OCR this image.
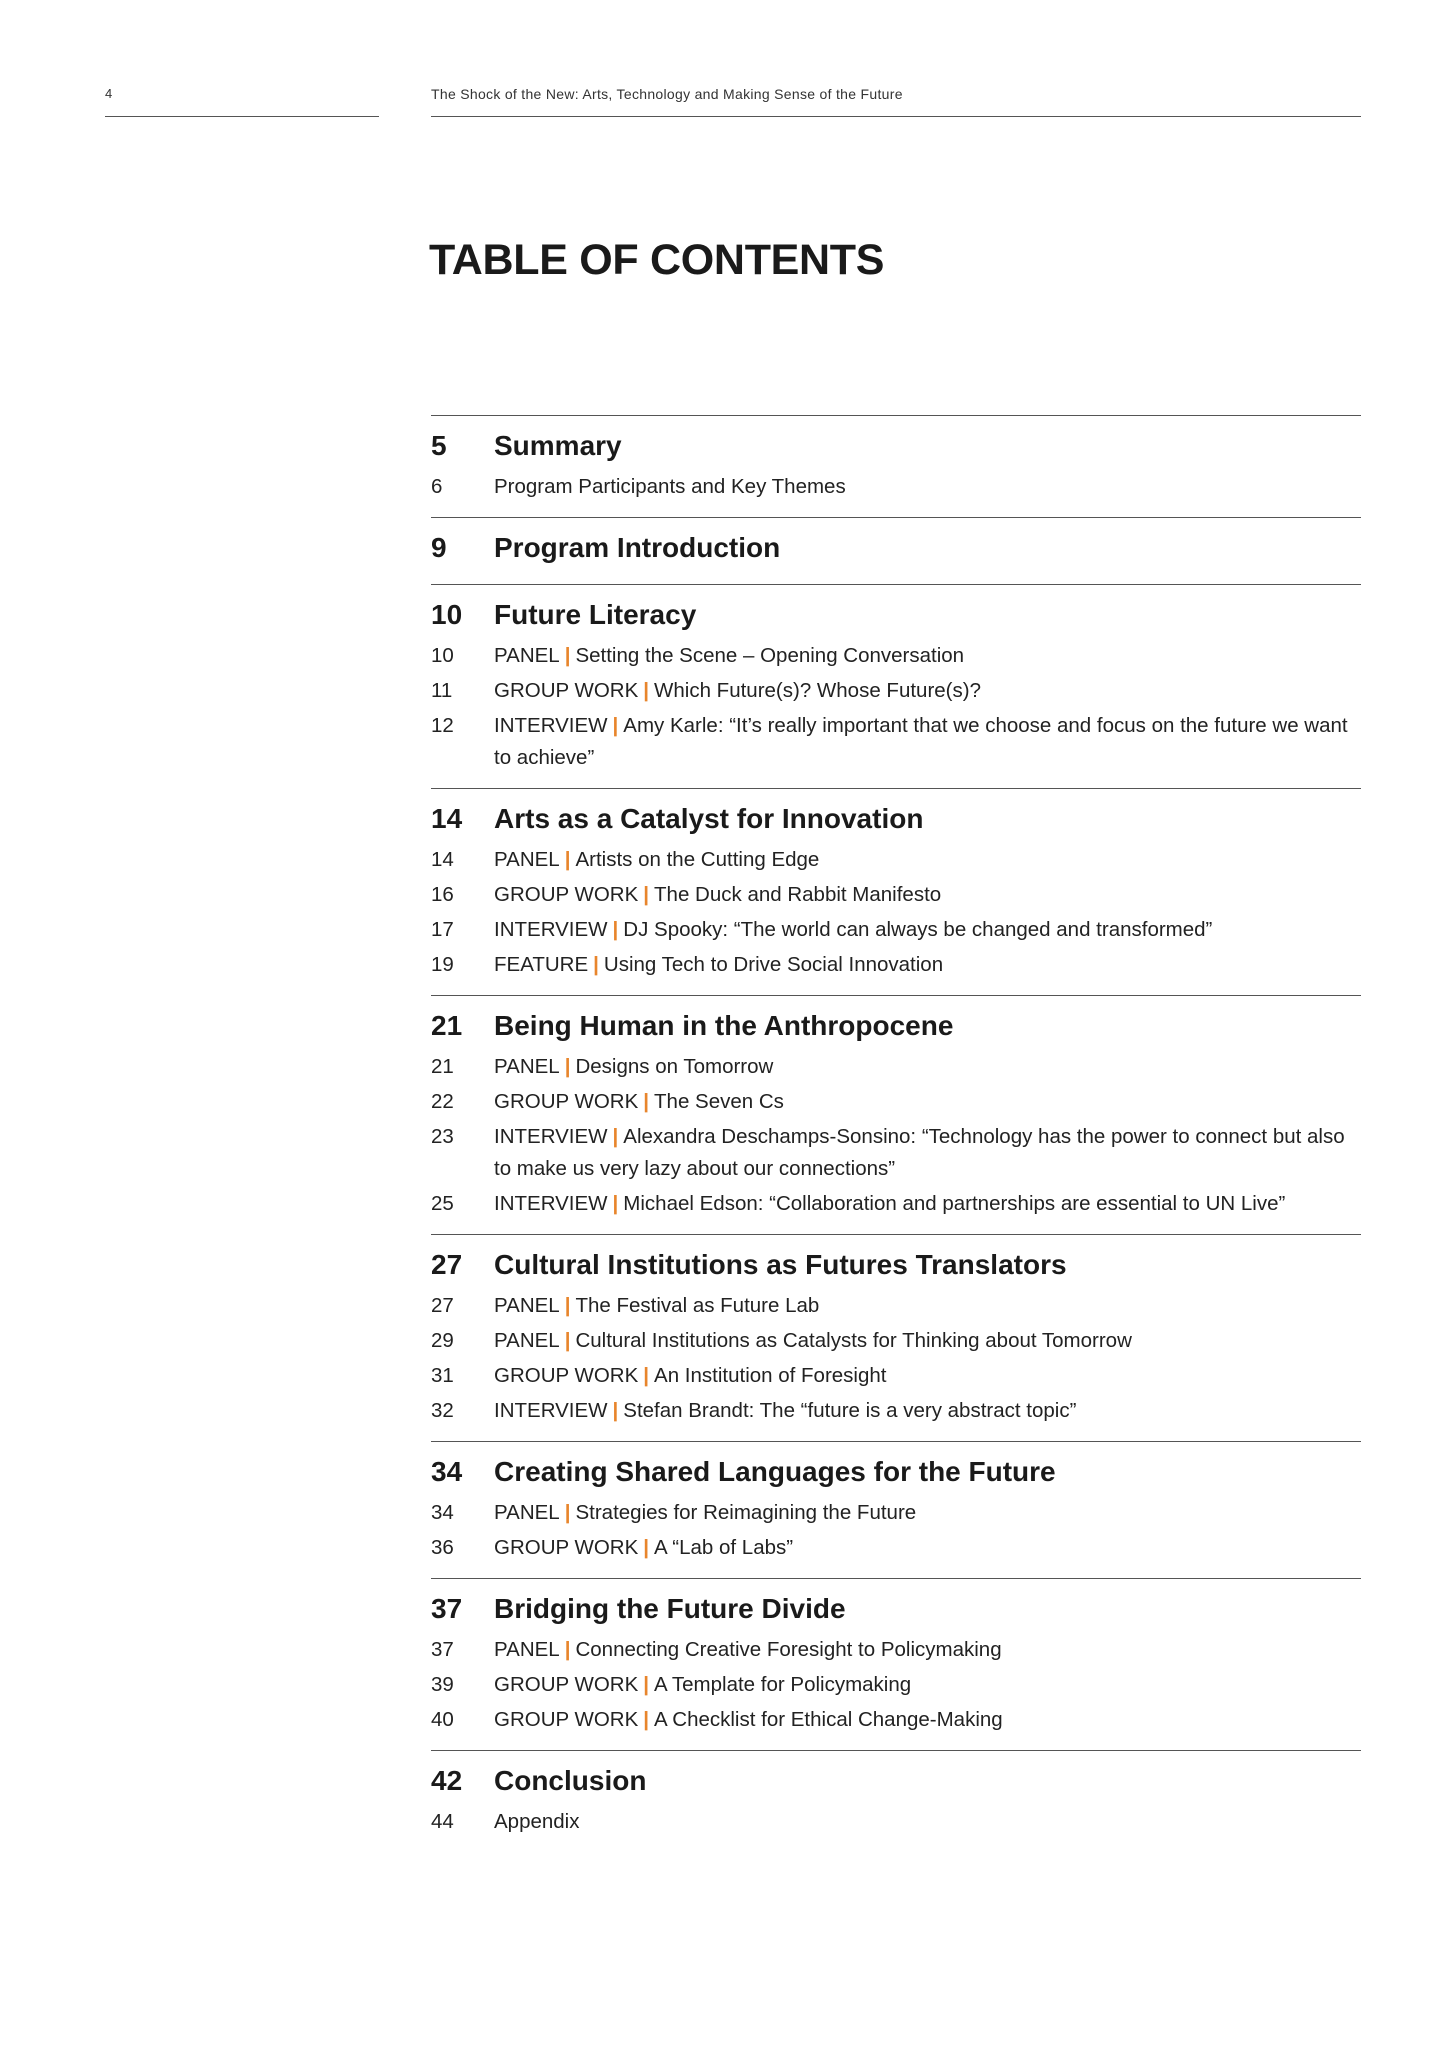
4	The Shock of the New: Arts, Technology and Making Sense of the Future
TABLE OF CONTENTS
5	Summary
6	Program Participants and Key Themes
9	Program Introduction
10	Future Literacy
10	PANEL | Setting the Scene – Opening Conversation
11	GROUP WORK | Which Future(s)? Whose Future(s)?
12	INTERVIEW | Amy Karle: “It’s really important that we choose and focus on the future we want to achieve”
14	Arts as a Catalyst for Innovation
14	PANEL | Artists on the Cutting Edge
16	GROUP WORK | The Duck and Rabbit Manifesto
17	INTERVIEW | DJ Spooky: “The world can always be changed and transformed”
19	FEATURE | Using Tech to Drive Social Innovation
21	Being Human in the Anthropocene
21	PANEL | Designs on Tomorrow
22	GROUP WORK | The Seven Cs
23	INTERVIEW | Alexandra Deschamps-Sonsino: “Technology has the power to connect but also to make us very lazy about our connections”
25	INTERVIEW | Michael Edson: “Collaboration and partnerships are essential to UN Live”
27	Cultural Institutions as Futures Translators
27	PANEL | The Festival as Future Lab
29	PANEL | Cultural Institutions as Catalysts for Thinking about Tomorrow
31	GROUP WORK | An Institution of Foresight
32	INTERVIEW | Stefan Brandt: The “future is a very abstract topic”
34	Creating Shared Languages for the Future
34	PANEL | Strategies for Reimagining the Future
36	GROUP WORK | A “Lab of Labs”
37	Bridging the Future Divide
37	PANEL | Connecting Creative Foresight to Policymaking
39	GROUP WORK | A Template for Policymaking
40	GROUP WORK | A Checklist for Ethical Change-Making
42	Conclusion
44	Appendix
